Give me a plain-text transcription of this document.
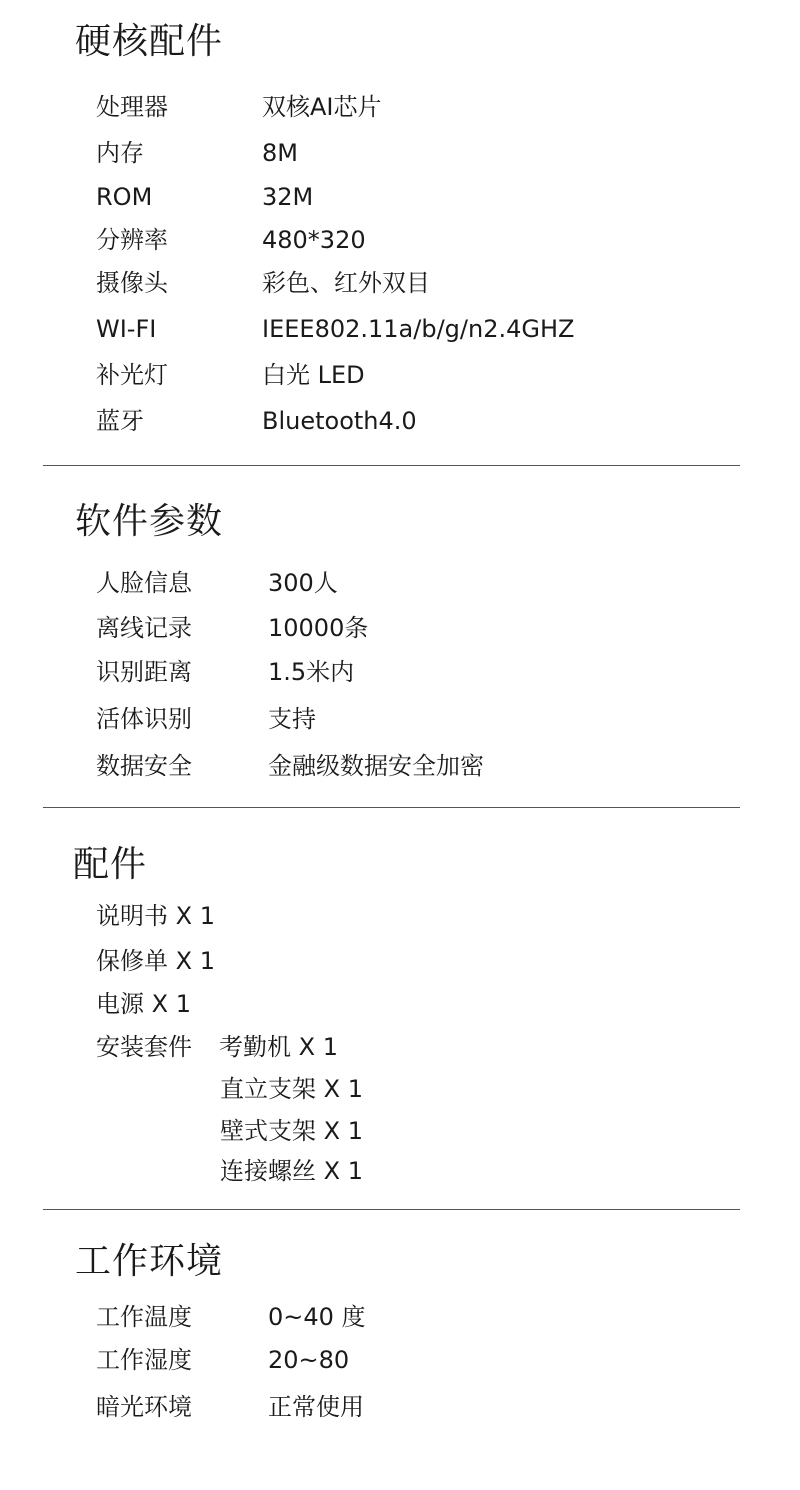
硬核配件
处理器	双核AI芯片
内存	8M
ROM	32M
分辨率	480*320
摄像头	彩色、红外双目
WI-FI	IEEE802.11a/b/g/n2.4GHZ
补光灯	白光 LED
蓝牙	Bluetooth4.0
软件参数
人脸信息	300人
离线记录	10000条
识别距离	1.5米内
活体识别	支持
数据安全	金融级数据安全加密
配件
说明书 X 1
保修单 X 1
电源 X 1
安装套件 考勤机 X 1
直立支架 X 1
壁式支架 X 1
连接螺丝 X 1
工作环境
工作温度	0~40 度
工作湿度	20~80
暗光环境	正常使用
